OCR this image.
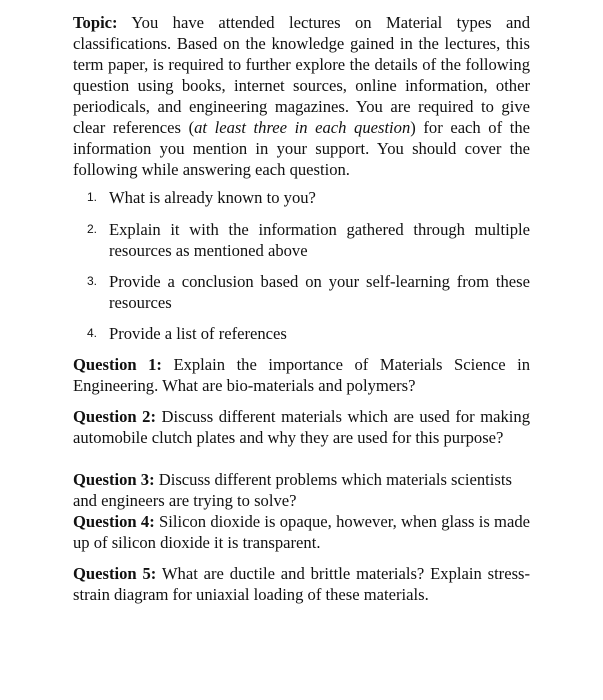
Topic: You have attended lectures on Material types and classifications. Based on the knowledge gained in the lectures, this term paper, is required to further explore the details of the following question using books, internet sources, online information, other periodicals, and engineering magazines. You are required to give clear references (at least three in each question) for each of the information you mention in your support. You should cover the following while answering each question.

1. What is already known to you?
2. Explain it with the information gathered through multiple resources as mentioned above
3. Provide a conclusion based on your self-learning from these resources
4. Provide a list of references

Question 1: Explain the importance of Materials Science in Engineering. What are bio-materials and polymers?

Question 2: Discuss different materials which are used for making automobile clutch plates and why they are used for this purpose?

Question 3: Discuss different problems which materials scientists and engineers are trying to solve?

Question 4: Silicon dioxide is opaque, however, when glass is made up of silicon dioxide it is transparent.

Question 5: What are ductile and brittle materials? Explain stress-strain diagram for uniaxial loading of these materials.
